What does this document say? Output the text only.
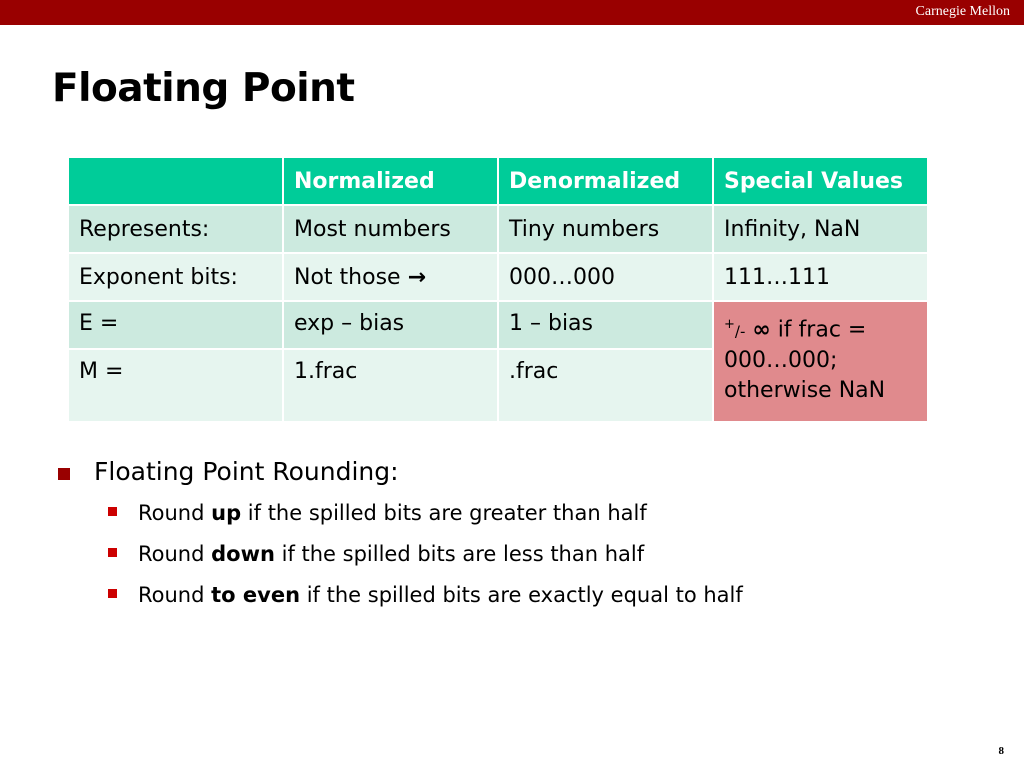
Carnegie Mellon
Floating Point
	Normalized	Denormalized	Special Values
Represents:	Most numbers	Tiny numbers	Infinity, NaN
Exponent bits:	Not those →	000…000	111…111
E =	exp – bias	1 – bias	+/- ∞ if frac = 000…000; otherwise NaN
M =	1.frac	.frac	
Floating Point Rounding:
Round up if the spilled bits are greater than half
Round down if the spilled bits are less than half
Round to even if the spilled bits are exactly equal to half
8
